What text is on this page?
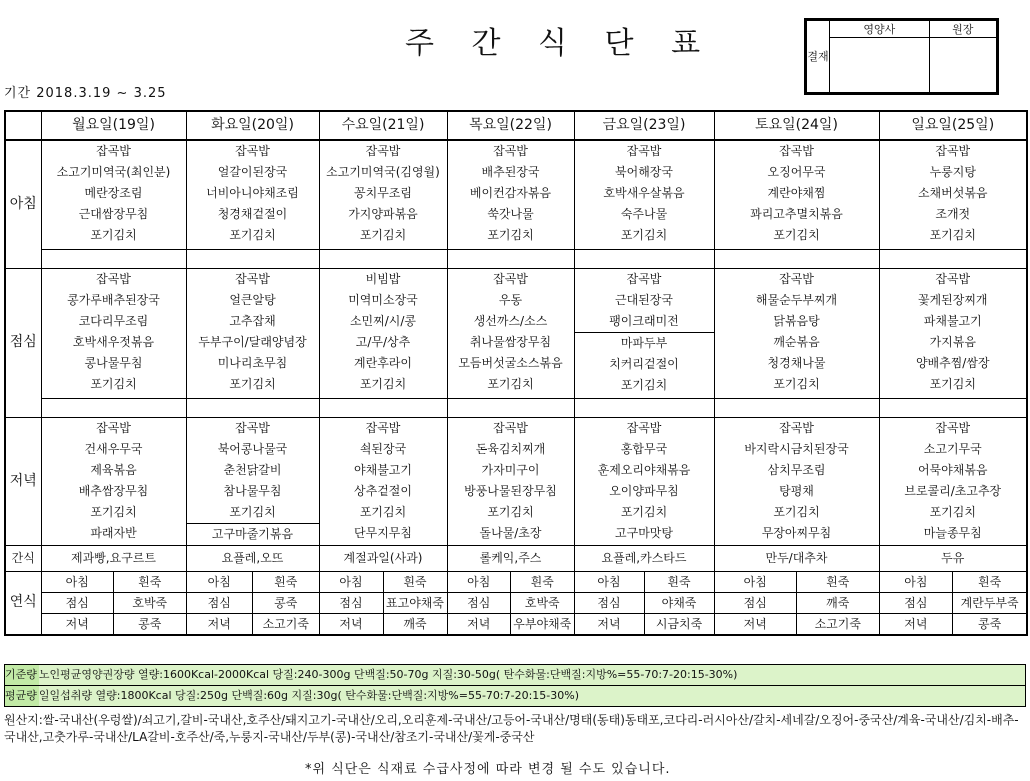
주 간 식 단 표
기간 2018.3.19 ~ 3.25
결재	영양사	원장

	월요일(19일)	화요일(20일)	수요일(21일)	목요일(22일)	금요일(23일)	토요일(24일)	일요일(25일)
아침	
잡곡밥
소고기미역국(최인분)
메란장조림
근대쌈장무침
포기김치

잡곡밥
얼갈이된장국
너비아니야채조림
청경채겉절이
포기김치

잡곡밥
소고기미역국(김영월)
꽁치무조림
가지양파볶음
포기김치

잡곡밥
배추된장국
베이컨감자볶음
쑥갓나물
포기김치

잡곡밥
북어해장국
호박새우살볶음
숙주나물
포기김치

잡곡밥
오징어무국
계란야채찜
꽈리고추멸치볶음
포기김치

잡곡밥
누룽지탕
소채버섯볶음
조개젓
포기김치

점심	
잡곡밥
콩가루배추된장국
코다리무조림
호박새우젓볶음
콩나물무침
포기김치

잡곡밥
얼큰알탕
고추잡채
두부구이/달래양념장
미나리초무침
포기김치

비빔밥
미역미소장국
소민찌/시/콩
고/무/상추
계란후라이
포기김치

잡곡밥
우동
생선까스/소스
취나물쌈장무침
모듬버섯굴소스볶음
포기김치

잡곡밥
근대된장국
팽이크래미전
마파두부
치커리겉절이
포기김치

잡곡밥
해물순두부찌개
닭볶음탕
깨순볶음
청경채나물
포기김치

잡곡밥
꽃게된장찌개
파채불고기
가지볶음
양배추찜/쌈장
포기김치

저녁	
잡곡밥
건새우무국
제육볶음
배추쌈장무침
포기김치
파래자반

잡곡밥
북어콩나물국
춘천닭갈비
참나물무침
포기김치
고구마줄기볶음

잡곡밥
쇡된장국
야채불고기
상추겉절이
포기김치
단무지무침

잡곡밥
돈육김치찌개
가자미구이
방풍나물된장무침
포기김치
돌나물/초장

잡곡밥
홍합무국
훈제오리야채볶음
오이양파무침
포기김치
고구마맛탕

잡곡밥
바지락시금치된장국
삼치무조림
탕평채
포기김치
무장아찌무침

잡곡밥
소고기무국
어묵야채볶음
브로콜리/초고추장
포기김치
마늘종무침

간식	제과빵,요구르트	요플레,오뜨	계절과일(사과)	롤케익,주스	요플레,카스타드	만두/대추차	두유
연식	
아침	흰죽
점심	호박죽
저녁	콩죽

아침	흰죽
점심	콩죽
저녁	소고기죽

아침	흰죽
점심	표고야채죽
저녁	깨죽

아침	흰죽
점심	호박죽
저녁	우부야채죽

아침	흰죽
점심	야채죽
저녁	시금치죽

아침	흰죽
점심	깨죽
저녁	소고기죽

아침	흰죽
점심	계란두부죽
저녁	콩죽
기준량 노인평균영양권장량 열량:1600Kcal-2000Kcal 당질:240-300g 단백질:50-70g 지질:30-50g( 탄수화물:단백질:지방%=55-70:7-20:15-30%)
평균량 일일섭취량 열량:1800Kcal 당질:250g 단백질:60g 지질:30g( 탄수화물:단백질:지방%=55-70:7-20:15-30%)
원산지:쌀-국내산(우렁쌀)/쇠고기,갈비-국내산,호주산/돼지고기-국내산/오리,오리훈제-국내산/고등어-국내산/명태(동태)동태포,코다리-러시아산/갈치-세네갈/오징어-중국산/계육-국내산/김치-배추-국내산,고춧가루-국내산/LA갈비-호주산/죽,누룽지-국내산/두부(콩)-국내산/참조기-국내산/꽃게-중국산
*위 식단은 식재료 수급사정에 따라 변경 될 수도 있습니다.
